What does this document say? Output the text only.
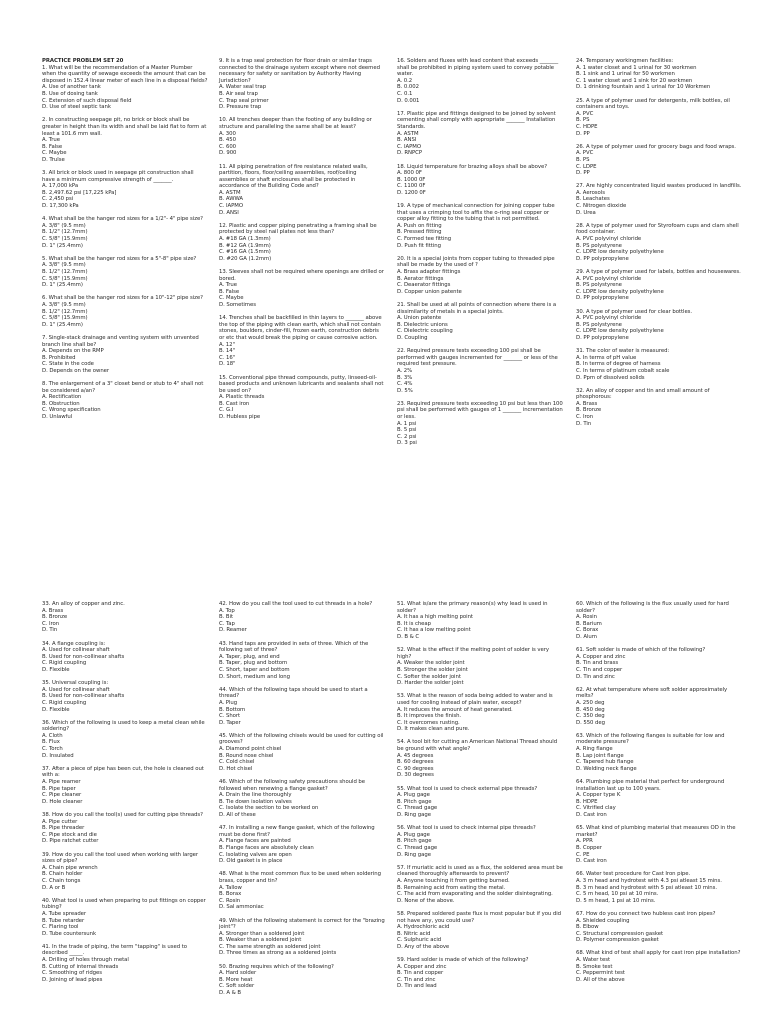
PRACTICE PROBLEM SET 20
1. What will be the recommendation of a Master Plumber when the quantity of sewage exceeds the amount that can be disposed in 152.4 linear meter of each line in a disposal fields?
A. Use of another tank
B. Use of dosing tank
C. Extension of such disposal field
D. Use of steel septic tank
2. In constructing seepage pit, no brick or block shall be greater in height than its width and shall be laid flat to form at least a 101.6 mm wall.
A. True
B. False
C. Maybe
D. Trulse
3. All brick or block used in seepage pit construction shall have a minimum compressive strength of _______.
A. 17,000 kPa
B. 2,497.62 psi [17,225 kPa]
C. 2,450 psi
D. 17,300 kPa
4. What shall be the hanger rod sizes for a 1/2"- 4" pipe size?
A. 3/8" (9.5 mm)
B. 1/2" (12.7mm)
C. 5/8" (15.9mm)
D. 1" (25.4mm)
5. What shall be the hanger rod sizes for a 5"-8" pipe size?
A. 3/8" (9.5 mm)
B. 1/2" (12.7mm)
C. 5/8" (15.9mm)
D. 1" (25.4mm)
6. What shall be the hanger rod sizes for a 10"-12" pipe size?
A. 3/8" (9.5 mm)
B. 1/2" (12.7mm)
C. 5/8" (15.9mm)
D. 1" (25.4mm)
7. Single-stack drainage and venting system with unvented branch line shall be?
A. Depends on the RMP
B. Prohibited
C. State in the code
D. Depends on the owner
8. The enlargement of a 3" closet bend or stub to 4" shall not be considered a/an?
A. Rectification
B. Obstruction
C. Wrong specification
D. Unlawful
9. It is a trap seal protection for floor drain or similar traps connected to the drainage system except where not deemed necessary for safety or sanitation by Authority Having Jurisdiction?
A. Water seal trap
B. Air seal trap
C. Trap seal primer
D. Pressure trap
10. All trenches deeper than the footing of any building or structure and paralleling the same shall be at least?
A. 300
B. 450
C. 600
D. 900
11. All piping penetration of fire resistance related walls, partition, floors, floor/ceiling assemblies, roof/ceiling assemblies or shaft enclosures shall be protected in accordance of the Building Code and?
A. ASTM
B. AWWA
C. IAPMO
D. ANSI
12. Plastic and copper piping penetrating a framing shall be protected by steel nail plates not less than?
A. #18 GA (1.3mm)
B. #12 GA (1.9mm)
C. #16 GA (1.5mm)
D. #20 GA (1.2mm)
13. Sleeves shall not be required where openings are drilled or bored.
A. True
B. False
C. Maybe
D. Sometimes
14. Trenches shall be backfilled in thin layers to _______ above the top of the piping with clean earth, which shall not contain stones, boulders, cinder-fill, frozen earth, construction debris or etc that would break the piping or cause corrosive action.
A. 12"
B. 14"
C. 16"
D. 18"
15. Conventional pipe thread compounds, putty, linseed-oil-based products and unknown lubricants and sealants shall not be used on?
A. Plastic threads
B. Cast iron
C. G.I
D. Hubless pipe
16. Solders and fluxes with lead content that exceeds _______ shall be prohibited in piping system used to convey potable water.
A. 0.2
B. 0.002
C. 0.1
D. 0.001
17. Plastic pipe and fittings designed to be joined by solvent cementing shall comply with appropriate _______ Installation Standards.
A. ASTM
B. ANSI
C. IAPMO
D. RNPCP
18. Liquid temperature for brazing alloys shall be above?
A. 800 0F
B. 1000 0F
C. 1100 0F
D. 1200 0F
19. A type of mechanical connection for joining copper tube that uses a crimping tool to affix the o-ring seal copper or copper alloy fitting to the tubing that is not permitted.
A. Push on fitting
B. Pressed fitting
C. Formed tee fitting
D. Push fit fitting
20. It is a special joints from copper tubing to threaded pipe shall be made by the used of ?
A. Brass adapter fittings
B. Aerator fittings
C. Deaerator fittings
D. Copper union patente
21. Shall be used at all points of connection where there is a dissimilarity of metals in a special joints.
A. Union patente
B. Dielectric unions
C. Dielectric coupling
D. Coupling
22. Required pressure tests exceeding 100 psi shall be performed with gauges incremented for _______ or less of the required test pressure.
A. 2%
B. 3%
C. 4%
D. 5%
23. Required pressure tests exceeding 10 psi but less than 100 psi shall be performed with gauges of 1 _______ incrementation or less.
A. 1 psi
B. 5 psi
C. 2 psi
D. 3 psi
24. Temporary workingmen facilities:
A. 1 water closet and 1 urinal for 30 workmen
B. 1 sink and 1 urinal for 50 workmen
C. 1 water closet and 1 sink for 20 workmen
D. 1 drinking fountain and 1 urinal for 10 Workmen
25. A type of polymer used for detergents, milk bottles, oil containers and toys.
A. PVC
B. PS
C. HDPE
D. PP
26. A type of polymer used for grocery bags and food wraps.
A. PVC
B. PS
C. LDPE
D. PP
27. Are highly concentrated liquid wastes produced in landfills.
A. Aerosols
B. Leachates
C. Nitrogen dioxide
D. Urea
28. A type of polymer used for Styrofoam cups and clam shell food container.
A. PVC polyvinyl chloride
B. PS polystyrene
C. LDPE low density polyethylene
D. PP polypropylene
29. A type of polymer used for labels, bottles and housewares.
A. PVC polyvinyl chloride
B. PS polystyrene
C. LDPE low density polyethylene
D. PP polypropylene
30. A type of polymer used for clear bottles.
A. PVC polyvinyl chloride
B. PS polystyrene
C. LDPE low density polyethylene
D. PP polypropylene
31. The color of water is measured:
A. In terms of pH value
B. In terms of degree of harness
C. In terms of platinum cobalt scale
D. Ppm of dissolved solids
32. An alloy of copper and tin and small amount of phosphorous:
A. Brass
B. Bronze
C. Iron
D. Tin
33. An alloy of copper and zinc.
A. Brass
B. Bronze
C. Iron
D. Tin
34. A flange coupling is:
A. Used for collinear shaft
B. Used for non-collinear shafts
C. Rigid coupling
D. Flexible
35. Universal coupling is:
A. Used for collinear shaft
B. Used for non-collinear shafts
C. Rigid coupling
D. Flexible
36. Which of the following is used to keep a metal clean while soldering?
A. Cloth
B. Flux
C. Torch
D. Insulated
37. After a piece of pipe has been cut, the hole is cleaned out with a:
A. Pipe reamer
B. Pipe taper
C. Pipe cleaner
D. Hole cleaner
38. How do you call the tool(s) used for cutting pipe threads?
A. Pipe cutter
B. Pipe threader
C. Pipe stock and die
D. Pipe ratchet cutter
39. How do you call the tool used when working with larger sizes of pipe?
A. Chain pipe wrench
B. Chain holder
C. Chain tongs
D. A or B
40. What tool is used when preparing to put fittings on copper tubing?
A. Tube spreader
B. Tube retarder
C. Flaring tool
D. Tube countersunk
41. In the trade of piping, the term "tapping" is used to described _____.
A. Drilling of holes through metal
B. Cutting of internal threads
C. Smoothing of ridges
D. Joining of lead pipes
42. How do you call the tool used to cut threads in a hole?
A. Top
B. Bit
C. Tap
D. Reamer
43. Hand taps are provided in sets of three. Which of the following set of three?
A. Taper, plug, and end
B. Taper, plug and bottom
C. Short, taper and bottom
D. Short, medium and long
44. Which of the following taps should be used to start a thread?
A. Plug
B. Bottom
C. Short
D. Taper
45. Which of the following chisels would be used for cutting oil grooves?
A. Diamond point chisel
B. Round nose chisel
C. Cold chisel
D. Hot chisel
46. Which of the following safety precautions should be followed when renewing a flange gasket?
A. Drain the line thoroughly
B. Tie down isolation valves
C. Isolate the section to be worked on
D. All of these
47. In installing a new flange gasket, which of the following must be done first?
A. Flange faces are painted
B. Flange faces are absolutely clean
C. Isolating valves are open
D. Old gasket is in place
48. What is the most common flux to be used when soldering brass, copper and tin?
A. Tallow
B. Borax
C. Rosin
D. Sal ammoniac
49. Which of the following statement is correct for the "brazing joint"?
A. Stronger than a soldered joint
B. Weaker than a soldered joint
C. The same strength as soldered joint
D. Three times as strong as a soldered joints
50. Brazing requires which of the following?
A. Hard solder
B. More heat
C. Soft solder
D. A & B
51. What is/are the primary reason(s) why lead is used in solder?
A. It has a high melting point
B. It is cheap
C. It has a low melting point
D. B & C
52. What is the effect if the melting point of solder is very high?
A. Weaker the solder joint
B. Stronger the solder joint
C. Softer the solder joint
D. Harder the solder joint
53. What is the reason of soda being added to water and is used for cooling instead of plain water, except?
A. It reduces the amount of heat generated.
B. It improves the finish.
C. It overcomes rusting.
D. It makes clean and pure.
54. A tool bit for cutting an American National Thread should be ground with what angle?
A. 45 degrees
B. 60 degrees
C. 90 degrees
D. 30 degrees
55. What tool is used to check external pipe threads?
A. Plug gage
B. Pitch gage
C. Thread gage
D. Ring gage
56. What tool is used to check internal pipe threads?
A. Plug gage
B. Pitch gage
C. Thread gage
D. Ring gage
57. If muriatic acid is used as a flux, the soldered area must be cleaned thoroughly afterwards to prevent?
A. Anyone touching it from getting burned.
B. Remaining acid from eating the metal.
C. The acid from evaporating and the solder disintegrating.
D. None of the above.
58. Prepared soldered paste flux is most popular but if you did not have any, you could use?
A. Hydrochloric acid
B. Nitric acid
C. Sulphuric acid
D. Any of the above
59. Hard solder is made of which of the following?
A. Copper and zinc
B. Tin and copper
C. Tin and zinc
D. Tin and lead
60. Which of the following is the flux usually used for hard solder?
A. Rosin
B. Barium
C. Borax
D. Alum
61. Soft solder is made of which of the following?
A. Copper and zinc
B. Tin and brass
C. Tin and copper
D. Tin and zinc
62. At what temperature where soft solder approximately melts?
A. 250 deg
B. 450 deg
C. 350 deg
D. 550 deg
63. Which of the following flanges is suitable for low and moderate pressure?
A. Ring flange
B. Lap joint flange
C. Tapered hub flange
D. Welding neck flange
64. Plumbing pipe material that perfect for underground installation last up to 100 years.
A. Copper type K
B. HDPE
C. Vitrified clay
D. Cast iron
65. What kind of plumbing material that measures OD in the market?
A. PPR
B. Copper
C. PE
D. Cast iron
66. Water test procedure for Cast Iron pipe.
A. 3 m head and hydrotest with 4.3 psi atleast 15 mins.
B. 3 m head and hydrotest with 5 psi atleast 10 mins.
C. 5 m head, 10 psi at 10 mins.
D. 5 m head, 1 psi at 10 mins.
67. How do you connect two hubless cast iron pipes?
A. Shielded coupling
B. Elbow
C. Structural compression gasket
D. Polymer compression gasket
68. What kind of test shall apply for cast iron pipe installation?
A. Water test
B. Smoke test
C. Peppermint test
D. All of the above
